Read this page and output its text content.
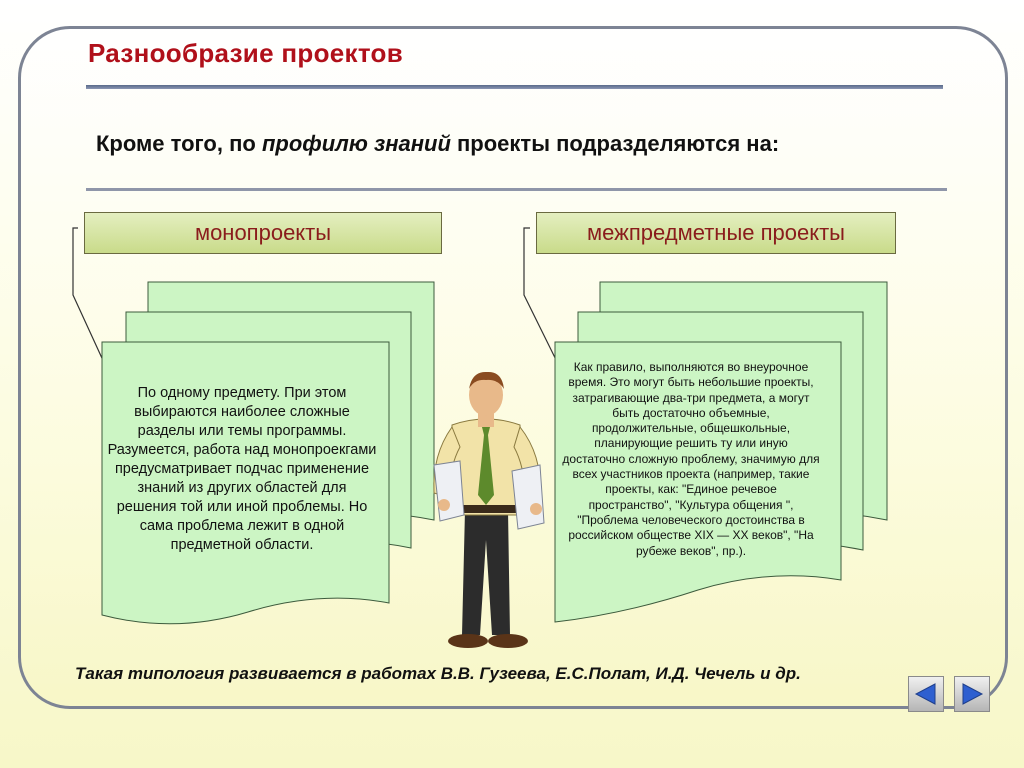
Разнообразие проектов
Кроме того, по профилю знаний проекты подразделяются на:
монопроекты
По одному предмету. При этом выбираются наиболее сложные разделы или темы программы. Разумеется, работа над монопроекгами предусматривает подчас применение знаний из других областей для решения той или иной проблемы. Но сама проблема лежит в одной предметной области.
межпредметные проекты
Как правило, выполняются во внеурочное время. Это могут быть небольшие проекты, затрагивающие два-три предмета, а могут быть достаточно объемные, продолжительные, общешкольные, планирующие решить ту или иную достаточно сложную проблему, значимую для всех участников проекта (например, такие проекты, как: "Единое речевое пространство", "Культура общения ", "Проблема человеческого достоинства в российском обществе XIX — XX веков", "На рубеже веков", пр.).
Такая типология развивается в работах В.В. Гузеева, Е.С.Полат, И.Д. Чечель и др.
